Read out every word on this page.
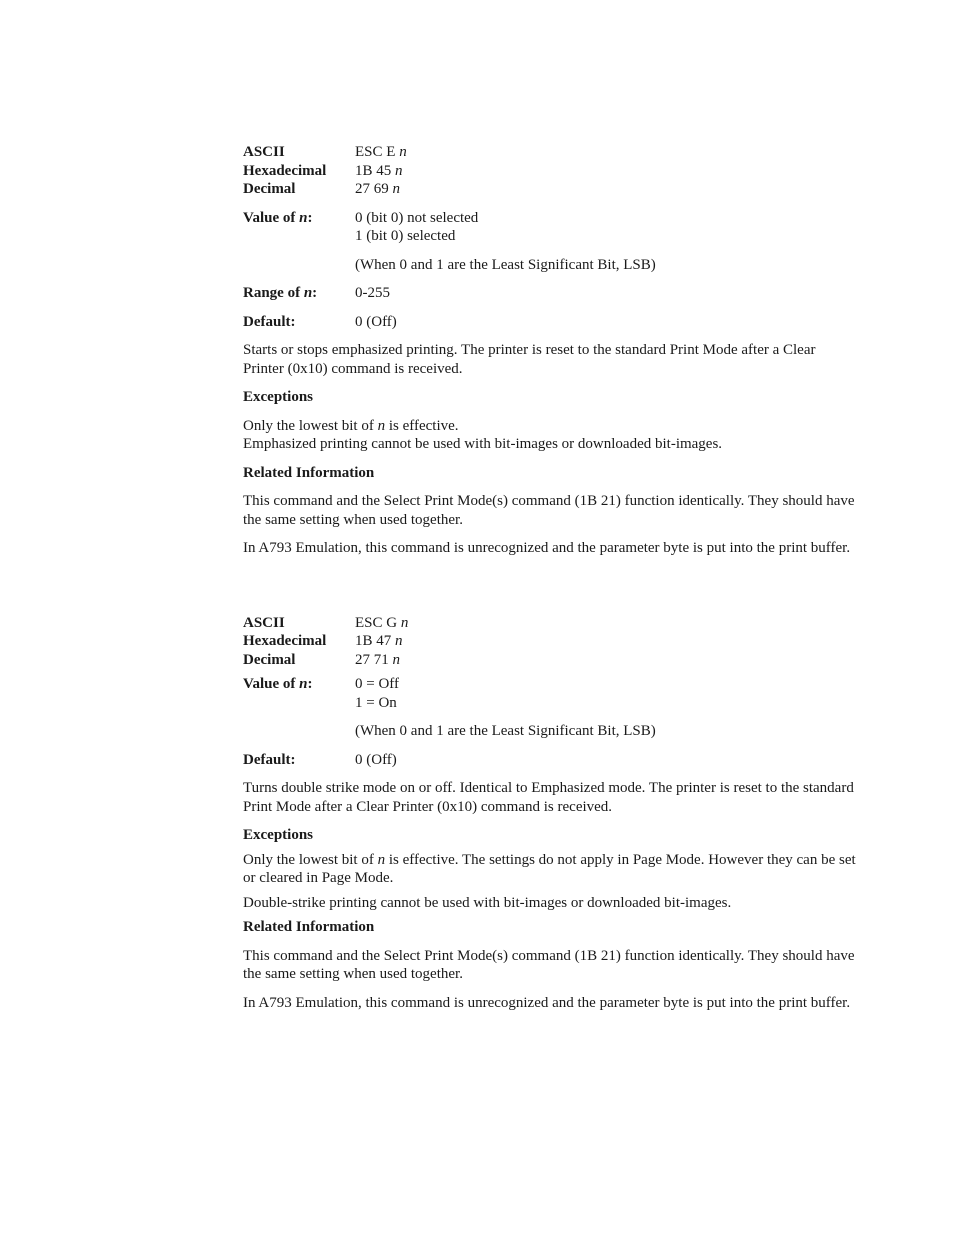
ASCII	ESC E n
Hexadecimal	1B 45 n
Decimal	27 69 n
Value of n:	0 (bit 0) not selected
1 (bit 0) selected
(When 0 and 1 are the Least Significant Bit, LSB)
Range of n:	0-255
Default:	0 (Off)
Starts or stops emphasized printing. The printer is reset to the standard Print Mode after a Clear Printer (0x10) command is received.
Exceptions
Only the lowest bit of n is effective.
Emphasized printing cannot be used with bit-images or downloaded bit-images.
Related Information
This command and the Select Print Mode(s) command (1B 21) function identically. They should have the same setting when used together.
In A793 Emulation, this command is unrecognized and the parameter byte is put into the print buffer.
ASCII	ESC G n
Hexadecimal	1B 47 n
Decimal	27 71 n
Value of n:	0 = Off
1 = On
(When 0 and 1 are the Least Significant Bit, LSB)
Default:	0 (Off)
Turns double strike mode on or off. Identical to Emphasized mode. The printer is reset to the standard Print Mode after a Clear Printer (0x10) command is received.
Exceptions
Only the lowest bit of n is effective. The settings do not apply in Page Mode. However they can be set or cleared in Page Mode.
Double-strike printing cannot be used with bit-images or downloaded bit-images.
Related Information
This command and the Select Print Mode(s) command (1B 21) function identically. They should have the same setting when used together.
In A793 Emulation, this command is unrecognized and the parameter byte is put into the print buffer.
